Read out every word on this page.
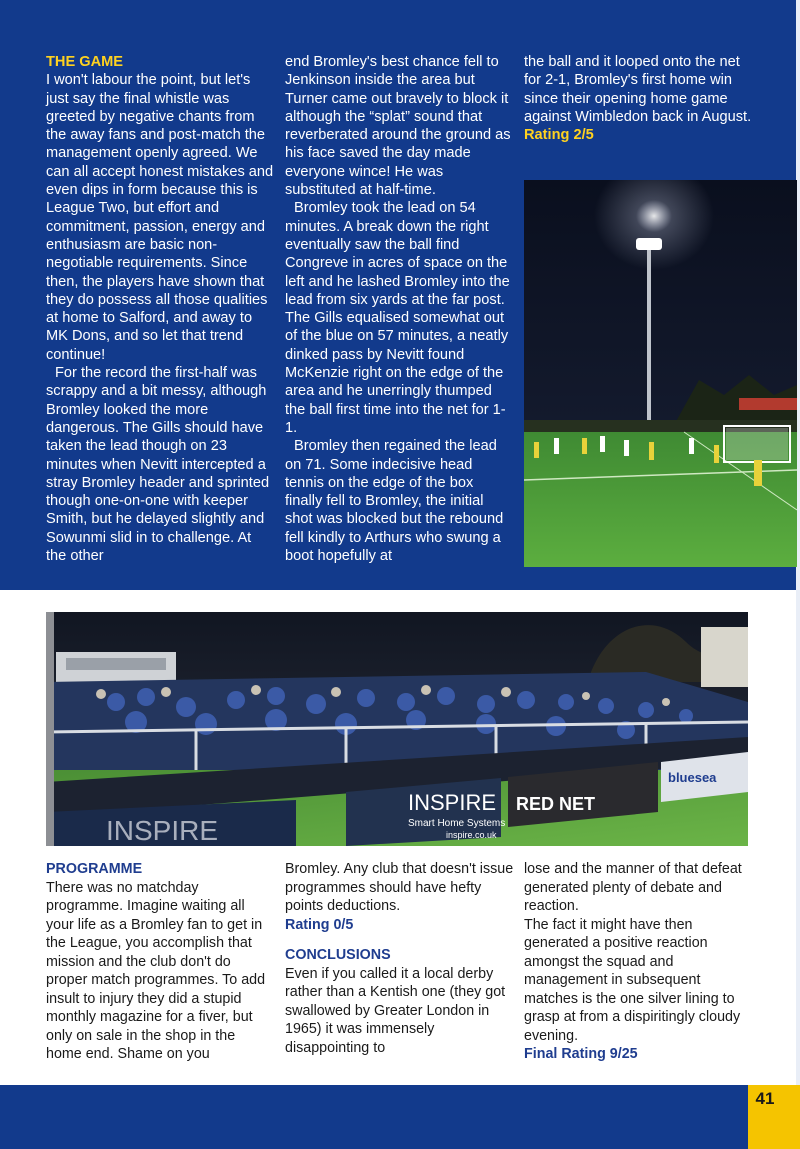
THE GAME

I won't labour the point, but let's just say the final whistle was greeted by negative chants from the away fans and post-match the management openly agreed. We can all accept honest mistakes and even dips in form because this is League Two, but effort and commitment, passion, energy and enthusiasm are basic non-negotiable requirements. Since then, the players have shown that they do possess all those qualities at home to Salford, and away to MK Dons, and so let that trend continue!

For the record the first-half was scrappy and a bit messy, although Bromley looked the more dangerous. The Gills should have taken the lead though on 23 minutes when Nevitt intercepted a stray Bromley header and sprinted though one-on-one with keeper Smith, but he delayed slightly and Sowunmi slid in to challenge. At the other

end Bromley's best chance fell to Jenkinson inside the area but Turner came out bravely to block it although the “splat” sound that reverberated around the ground as his face saved the day made everyone wince! He was substituted at half-time.

Bromley took the lead on 54 minutes. A break down the right eventually saw the ball find Congreve in acres of space on the left and he lashed Bromley into the lead from six yards at the far post. The Gills equalised somewhat out of the blue on 57 minutes, a neatly dinked pass by Nevitt found McKenzie right on the edge of the area and he unerringly thumped the ball first time into the net for 1-1.

Bromley then regained the lead on 71. Some indecisive head tennis on the edge of the box finally fell to Bromley, the initial shot was blocked but the rebound fell kindly to Arthurs who swung a boot hopefully at

the ball and it looped onto the net for 2-1, Bromley's first home win since their opening home game against Wimbledon back in August.

Rating 2/5

INSPIRE
INSPIRE
Smart Home Systems
inspire.co.uk
RED NET
bluesea

PROGRAMME

There was no matchday programme. Imagine waiting all your life as a Bromley fan to get in the League, you accomplish that mission and the club don't do proper match programmes. To add insult to injury they did a stupid monthly magazine for a fiver, but only on sale in the shop in the home end. Shame on you

Bromley. Any club that doesn't issue programmes should have hefty points deductions.

Rating 0/5

CONCLUSIONS

Even if you called it a local derby rather than a Kentish one (they got swallowed by Greater London in 1965) it was immensely disappointing to

lose and the manner of that defeat generated plenty of debate and reaction.

The fact it might have then generated a positive reaction amongst the squad and management in subsequent matches is the one silver lining to grasp at from a dispiritingly cloudy evening.

Final Rating 9/25

41
